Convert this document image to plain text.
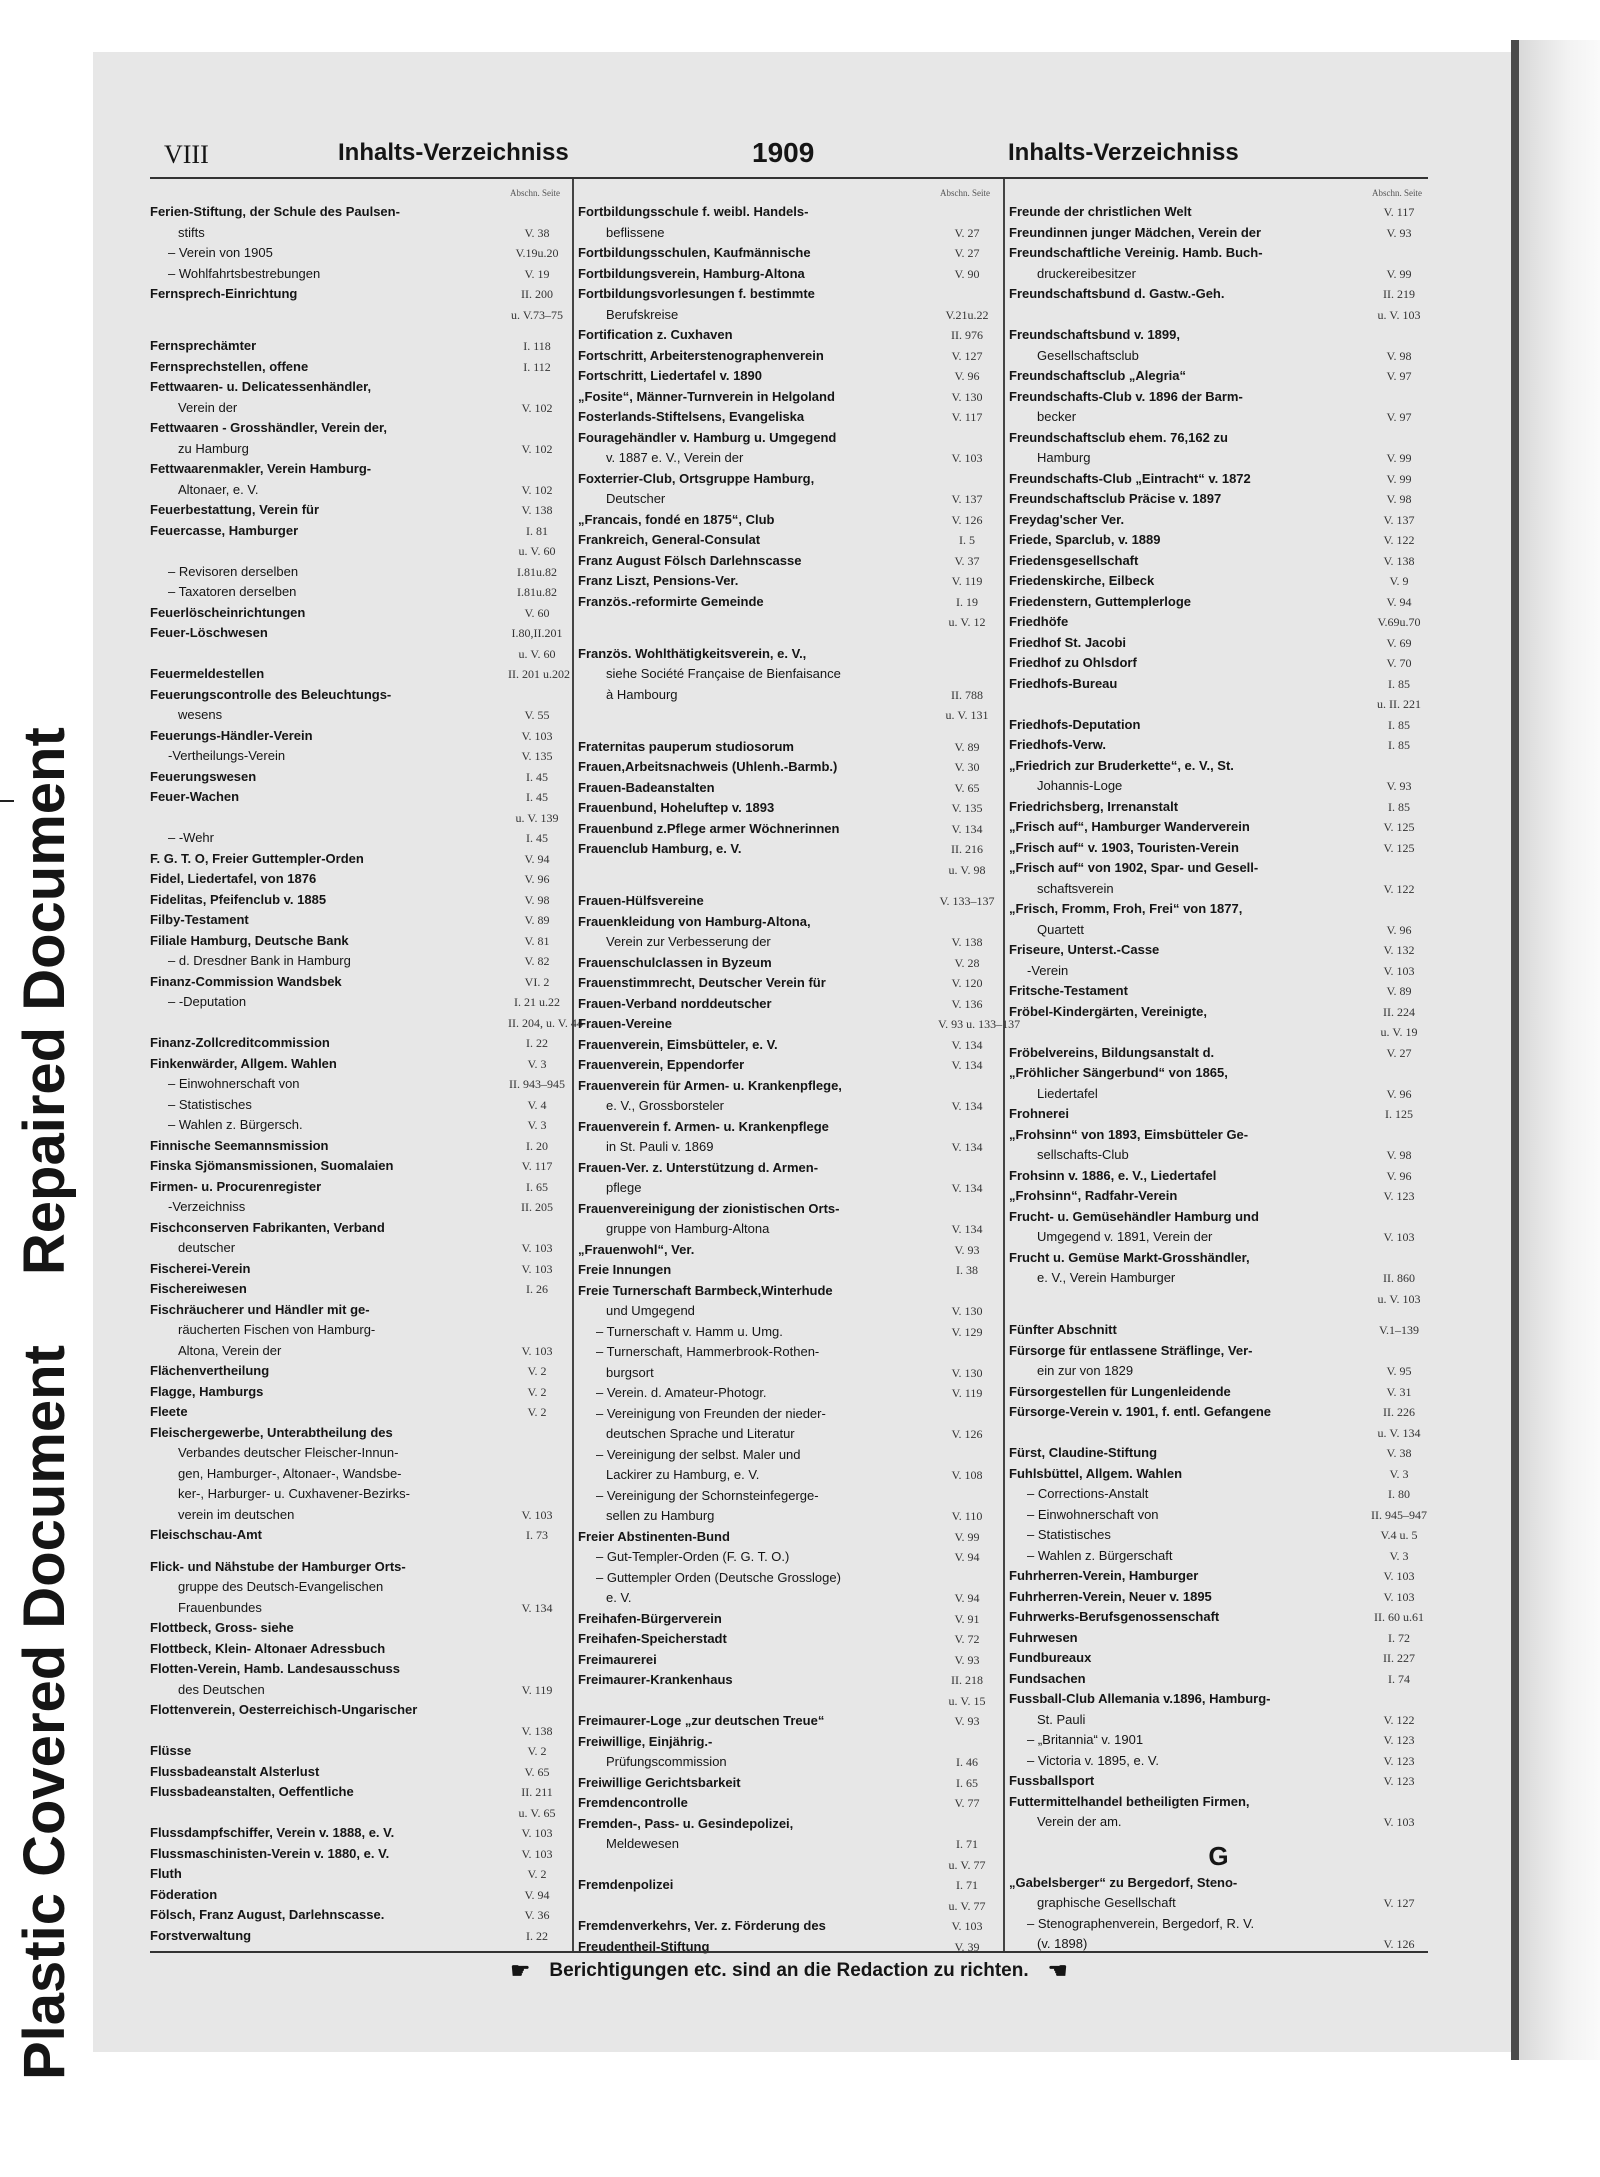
Plastic Covered Document
Repaired Document
VIII	Inhalts-Verzeichniss	1909	Inhalts-Verzeichniss
Abschn. Seite
Ferien-Stiftung, der Schule des Paulsen-
stifts	V. 38
– Verein von 1905	V.19u.20
– Wohlfahrtsbestrebungen	V. 19
Fernsprech-Einrichtung	II. 200
u. V.73–75
Fernsprechämter	I. 118
Fernsprechstellen, offene	I. 112
Fettwaaren- u. Delicatessenhändler,
Verein der	V. 102
Fettwaaren - Grosshändler, Verein der,
zu Hamburg	V. 102
Fettwaarenmakler, Verein Hamburg-
Altonaer, e. V.	V. 102
Feuerbestattung, Verein für	V. 138
Feuercasse, Hamburger	I. 81
u. V. 60
– Revisoren derselben	I.81u.82
– Taxatoren derselben	I.81u.82
Feuerlöscheinrichtungen	V. 60
Feuer-Löschwesen	I.80,II.201
u. V. 60
Feuermeldestellen	II. 201 u.202
Feuerungscontrolle des Beleuchtungs-
wesens	V. 55
Feuerungs-Händler-Verein	V. 103
-Vertheilungs-Verein	V. 135
Feuerungswesen	I. 45
Feuer-Wachen	I. 45
u. V. 139
– -Wehr	I. 45
F. G. T. O, Freier Guttempler-Orden	V. 94
Fidel, Liedertafel, von 1876	V. 96
Fidelitas, Pfeifenclub v. 1885	V. 98
Filby-Testament	V. 89
Filiale Hamburg, Deutsche Bank	V. 81
– d. Dresdner Bank in Hamburg	V. 82
Finanz-Commission Wandsbek	VI. 2
– -Deputation	I. 21 u.22
II. 204, u. V. 44
Finanz-Zollcreditcommission	I. 22
Finkenwärder, Allgem. Wahlen	V. 3
– Einwohnerschaft von	II. 943–945
– Statistisches	V. 4
– Wahlen z. Bürgersch.	V. 3
Finnische Seemannsmission	I. 20
Finska Sjömansmissionen, Suomalaien	V. 117
Firmen- u. Procurenregister	I. 65
-Verzeichniss	II. 205
Fischconserven Fabrikanten, Verband
deutscher	V. 103
Fischerei-Verein	V. 103
Fischereiwesen	I. 26
Fischräucherer und Händler mit ge-
räucherten Fischen von Hamburg-
Altona, Verein der	V. 103
Flächenvertheilung	V. 2
Flagge, Hamburgs	V. 2
Fleete	V. 2
Fleischergewerbe, Unterabtheilung des
Verbandes deutscher Fleischer-Innun-
gen, Hamburger-, Altonaer-, Wandsbe-
ker-, Harburger- u. Cuxhavener-Bezirks-
verein im deutschen	V. 103
Fleischschau-Amt	I. 73
Flick- und Nähstube der Hamburger Orts-
gruppe des Deutsch-Evangelischen
Frauenbundes	V. 134
Flottbeck, Gross- siehe
Flottbeck, Klein- Altonaer Adressbuch
Flotten-Verein, Hamb. Landesausschuss
des Deutschen	V. 119
Flottenverein, Oesterreichisch-Ungarischer
V. 138
Flüsse	V. 2
Flussbadeanstalt Alsterlust	V. 65
Flussbadeanstalten, Oeffentliche	II. 211
u. V. 65
Flussdampfschiffer, Verein v. 1888, e. V.	V. 103
Flussmaschinisten-Verein v. 1880, e. V.	V. 103
Fluth	V. 2
Föderation	V. 94
Fölsch, Franz August, Darlehnscasse.	V. 36
Forstverwaltung	I. 22
Abschn. Seite
Fortbildungsschule f. weibl. Handels-
beflissene	V. 27
Fortbildungsschulen, Kaufmännische	V. 27
Fortbildungsverein, Hamburg-Altona	V. 90
Fortbildungsvorlesungen f. bestimmte
Berufskreise	V.21u.22
Fortification z. Cuxhaven	II. 976
Fortschritt, Arbeiterstenographenverein	V. 127
Fortschritt, Liedertafel v. 1890	V. 96
„Fosite“, Männer-Turnverein in Helgoland	V. 130
Fosterlands-Stiftelsens, Evangeliska	V. 117
Fouragehändler v. Hamburg u. Umgegend
v. 1887 e. V., Verein der	V. 103
Foxterrier-Club, Ortsgruppe Hamburg,
Deutscher	V. 137
„Francais, fondé en 1875“, Club	V. 126
Frankreich, General-Consulat	I. 5
Franz August Fölsch Darlehnscasse	V. 37
Franz Liszt, Pensions-Ver.	V. 119
Französ.-reformirte Gemeinde	I. 19
u. V. 12
Französ. Wohlthätigkeitsverein, e. V.,
siehe Société Française de Bienfaisance
à Hambourg	II. 788
u. V. 131
Fraternitas pauperum studiosorum	V. 89
Frauen,Arbeitsnachweis (Uhlenh.-Barmb.)	V. 30
Frauen-Badeanstalten	V. 65
Frauenbund, Hoheluftер v. 1893	V. 135
Frauenbund z.Pflege armer Wöchnerinnen	V. 134
Frauenclub Hamburg, e. V.	II. 216
u. V. 98
Frauen-Hülfsvereine	V. 133–137
Frauenkleidung von Hamburg-Altona,
Verein zur Verbesserung der	V. 138
Frauenschulclassen in Byzeum	V. 28
Frauenstimmrecht, Deutscher Verein für	V. 120
Frauen-Verband norddeutscher	V. 136
Frauen-Vereine	V. 93 u. 133–137
Frauenverein, Eimsbütteler, e. V.	V. 134
Frauenverein, Eppendorfer	V. 134
Frauenverein für Armen- u. Krankenpflege,
e. V., Grossborsteler	V. 134
Frauenverein f. Armen- u. Krankenpflege
in St. Pauli v. 1869	V. 134
Frauen-Ver. z. Unterstützung d. Armen-
pflege	V. 134
Frauenvereinigung der zionistischen Orts-
gruppe von Hamburg-Altona	V. 134
„Frauenwohl“, Ver.	V. 93
Freie Innungen	I. 38
Freie Turnerschaft Barmbeck,Winterhude
und Umgegend	V. 130
– Turnerschaft v. Hamm u. Umg.	V. 129
– Turnerschaft, Hammerbrook-Rothen-
burgsort	V. 130
– Verein. d. Amateur-Photogr.	V. 119
– Vereinigung von Freunden der nieder-
deutschen Sprache und Literatur	V. 126
– Vereinigung der selbst. Maler und
Lackirer zu Hamburg, e. V.	V. 108
– Vereinigung der Schornsteinfegerge-
sellen zu Hamburg	V. 110
Freier Abstinenten-Bund	V. 99
– Gut-Templer-Orden (F. G. T. O.)	V. 94
– Guttempler Orden (Deutsche Grossloge)
e. V.	V. 94
Freihafen-Bürgerverein	V. 91
Freihafen-Speicherstadt	V. 72
Freimaurerei	V. 93
Freimaurer-Krankenhaus	II. 218
u. V. 15
Freimaurer-Loge „zur deutschen Treue“	V. 93
Freiwillige, Einjährig.-
Prüfungscommission	I. 46
Freiwillige Gerichtsbarkeit	I. 65
Fremdencontrolle	V. 77
Fremden-, Pass- u. Gesindepolizei,
Meldewesen	I. 71
u. V. 77
Fremdenpolizei	I. 71
u. V. 77
Fremdenverkehrs, Ver. z. Förderung des	V. 103
Freudentheil-Stiftung	V. 39
Abschn. Seite
Freunde der christlichen Welt	V. 117
Freundinnen junger Mädchen, Verein der	V. 93
Freundschaftliche Vereinig. Hamb. Buch-
druckereibesitzer	V. 99
Freundschaftsbund d. Gastw.-Geh.	II. 219
u. V. 103
Freundschaftsbund v. 1899,
Gesellschaftsclub	V. 98
Freundschaftsclub „Alegria“	V. 97
Freundschafts-Club v. 1896 der Barm-
becker	V. 97
Freundschaftsclub ehem. 76,162 zu
Hamburg	V. 99
Freundschafts-Club „Eintracht“ v. 1872	V. 99
Freundschaftsclub Präcise v. 1897	V. 98
Freydag'scher Ver.	V. 137
Friede, Sparclub, v. 1889	V. 122
Friedensgesellschaft	V. 138
Friedenskirche, Eilbeck	V. 9
Friedenstern, Guttemplerloge	V. 94
Friedhöfe	V.69u.70
Friedhof St. Jacobi	V. 69
Friedhof zu Ohlsdorf	V. 70
Friedhofs-Bureau	I. 85
u. II. 221
Friedhofs-Deputation	I. 85
Friedhofs-Verw.	I. 85
„Friedrich zur Bruderkette“, e. V., St.
Johannis-Loge	V. 93
Friedrichsberg, Irrenanstalt	I. 85
„Frisch auf“, Hamburger Wanderverein	V. 125
„Frisch auf“ v. 1903, Touristen-Verein	V. 125
„Frisch auf“ von 1902, Spar- und Gesell-
schaftsverein	V. 122
„Frisch, Fromm, Froh, Frei“ von 1877,
Quartett	V. 96
Friseure, Unterst.-Casse	V. 132
-Verein	V. 103
Fritsche-Testament	V. 89
Fröbel-Kindergärten, Vereinigte,	II. 224
u. V. 19
Fröbelvereins, Bildungsanstalt d.	V. 27
„Fröhlicher Sängerbund“ von 1865,
Liedertafel	V. 96
Frohnerei	I. 125
„Frohsinn“ von 1893, Eimsbütteler Ge-
sellschafts-Club	V. 98
Frohsinn v. 1886, e. V., Liedertafel	V. 96
„Frohsinn“, Radfahr-Verein	V. 123
Frucht- u. Gemüsehändler Hamburg und
Umgegend v. 1891, Verein der	V. 103
Frucht u. Gemüse Markt-Grosshändler,
e. V., Verein Hamburger	II. 860
u. V. 103
Fünfter Abschnitt	V.1–139
Fürsorge für entlassene Sträflinge, Ver-
ein zur von 1829	V. 95
Fürsorgestellen für Lungenleidende	V. 31
Fürsorge-Verein v. 1901, f. entl. Gefangene	II. 226
u. V. 134
Fürst, Claudine-Stiftung	V. 38
Fuhlsbüttel, Allgem. Wahlen	V. 3
– Corrections-Anstalt	I. 80
– Einwohnerschaft von	II. 945–947
– Statistisches	V.4 u. 5
– Wahlen z. Bürgerschaft	V. 3
Fuhrherren-Verein, Hamburger	V. 103
Fuhrherren-Verein, Neuer v. 1895	V. 103
Fuhrwerks-Berufsgenossenschaft	II. 60 u.61
Fuhrwesen	I. 72
Fundbureaux	II. 227
Fundsachen	I. 74
Fussball-Club Allemania v.1896, Hamburg-
St. Pauli	V. 122
– „Britannia“ v. 1901	V. 123
– Victoria v. 1895, e. V.	V. 123
Fussballsport	V. 123
Futtermittelhandel betheiligten Firmen,
Verein der am.	V. 103
G
„Gabelsberger“ zu Bergedorf, Steno-
graphische Gesellschaft	V. 127
– Stenographenverein, Bergedorf, R. V.
(v. 1898)	V. 126
☛ Berichtigungen etc. sind an die Redaction zu richten. ☚
